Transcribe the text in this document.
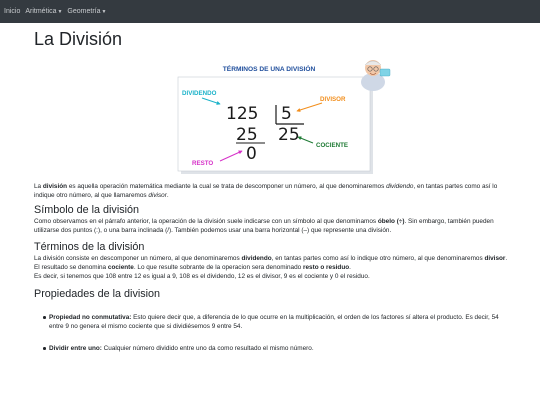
Inicio Aritmética▼ Geometría▼
La División
TÉRMINOS DE UNA DIVISIÓN
DIVIDENDO
DIVISOR
COCIENTE
RESTO
125 5
25 25
0

La división es aquella operación matemática mediante la cual se trata de descomponer un número, al que denominaremos dividendo, en tantas partes como así lo indique otro número, al que llamaremos divisor.

Símbolo de la división

Como observamos en el párrafo anterior, la operación de la división suele indicarse con un símbolo al que denominamos óbelo (÷). Sin embargo, también pueden utilizarse dos puntos (:), o una barra inclinada (/). También podemos usar una barra horizontal (–) que represente una división.

Términos de la división

La división consiste en descomponer un número, al que denominaremos dividendo, en tantas partes como así lo indique otro número, al que denominaremos divisor. El resultado se denomina cociente. Lo que resulte sobrante de la operacion sera denominado resto o residuo.

Es decir, si tenemos que 108 entre 12 es igual a 9, 108 es el dividendo, 12 es el divisor, 9 es el cociente y 0 el residuo.

Propiedades de la division
Propiedad no conmutativa: Esto quiere decir que, a diferencia de lo que ocurre en la multiplicación, el orden de los factores sí altera el producto. Es decir, 54 entre 9 no genera el mismo cociente que si dividiésemos 9 entre 54.
Dividir entre uno: Cualquier número dividido entre uno da como resultado el mismo número.
